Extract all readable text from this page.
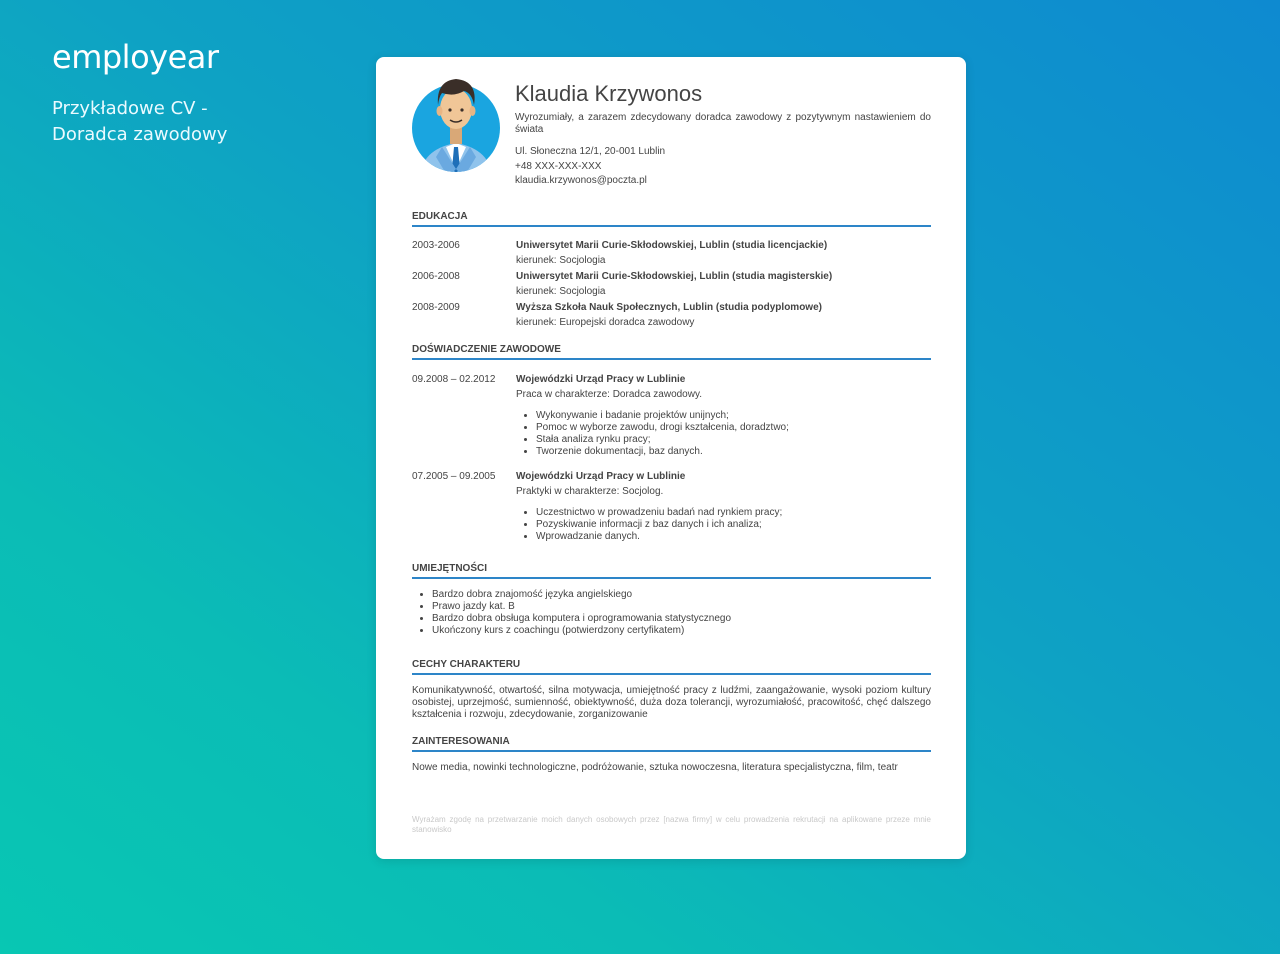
employear
Przykładowe CV - Doradca zawodowy
Klaudia Krzywonos
Wyrozumiały, a zarazem zdecydowany doradca zawodowy z pozytywnym nastawieniem do świata
Ul. Słoneczna 12/1, 20-001 Lublin
+48 XXX-XXX-XXX
klaudia.krzywonos@poczta.pl
EDUKACJA
2003-2006	Uniwersytet Marii Curie-Skłodowskiej, Lublin (studia licencjackie)
kierunek: Socjologia
2006-2008	Uniwersytet Marii Curie-Skłodowskiej, Lublin (studia magisterskie)
kierunek: Socjologia
2008-2009	Wyższa Szkoła Nauk Społecznych, Lublin (studia podyplomowe)
kierunek: Europejski doradca zawodowy
DOŚWIADCZENIE ZAWODOWE
09.2008 – 02.2012	Wojewódzki Urząd Pracy w Lublinie
Praca w charakterze: Doradca zawodowy.
• Wykonywanie i badanie projektów unijnych;
• Pomoc w wyborze zawodu, drogi kształcenia, doradztwo;
• Stała analiza rynku pracy;
• Tworzenie dokumentacji, baz danych.
07.2005 – 09.2005	Wojewódzki Urząd Pracy w Lublinie
Praktyki w charakterze: Socjolog.
• Uczestnictwo w prowadzeniu badań nad rynkiem pracy;
• Pozyskiwanie informacji z baz danych i ich analiza;
• Wprowadzanie danych.
UMIEJĘTNOŚCI
• Bardzo dobra znajomość języka angielskiego
• Prawo jazdy kat. B
• Bardzo dobra obsługa komputera i oprogramowania statystycznego
• Ukończony kurs z coachingu (potwierdzony certyfikatem)
CECHY CHARAKTERU
Komunikatywność, otwartość, silna motywacja, umiejętność pracy z ludźmi, zaangażowanie, wysoki poziom kultury osobistej, uprzejmość, sumienność, obiektywność, duża doza tolerancji, wyrozumiałość, pracowitość, chęć dalszego kształcenia i rozwoju, zdecydowanie, zorganizowanie
ZAINTERESOWANIA
Nowe media, nowinki technologiczne, podróżowanie, sztuka nowoczesna, literatura specjalistyczna, film, teatr
Wyrażam zgodę na przetwarzanie moich danych osobowych przez [nazwa firmy] w celu prowadzenia rekrutacji na aplikowane przeze mnie stanowisko
